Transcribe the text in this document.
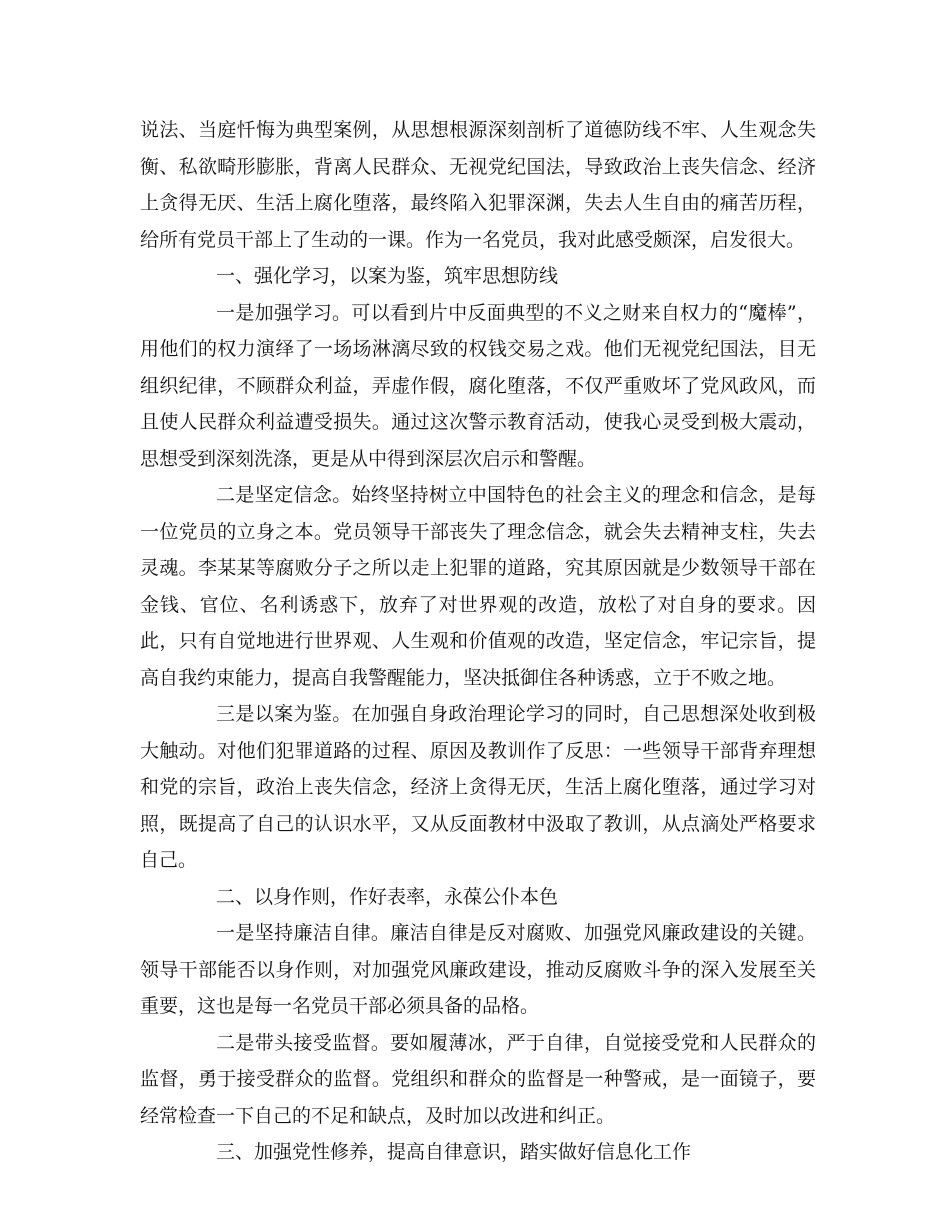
说法、当庭忏悔为典型案例，从思想根源深刻剖析了道德防线不牢、人生观念失衡、私欲畸形膨胀，背离人民群众、无视党纪国法，导致政治上丧失信念、经济上贪得无厌、生活上腐化堕落，最终陷入犯罪深渊，失去人生自由的痛苦历程，给所有党员干部上了生动的一课。作为一名党员，我对此感受颇深，启发很大。

一、强化学习，以案为鉴，筑牢思想防线

一是加强学习。可以看到片中反面典型的不义之财来自权力的“魔棒”，用他们的权力演绎了一场场淋漓尽致的权钱交易之戏。他们无视党纪国法，目无组织纪律，不顾群众利益，弄虚作假，腐化堕落，不仅严重败坏了党风政风，而且使人民群众利益遭受损失。通过这次警示教育活动，使我心灵受到极大震动，思想受到深刻洗涤，更是从中得到深层次启示和警醒。

二是坚定信念。始终坚持树立中国特色的社会主义的理念和信念，是每一位党员的立身之本。党员领导干部丧失了理念信念，就会失去精神支柱，失去灵魂。李某某等腐败分子之所以走上犯罪的道路，究其原因就是少数领导干部在金钱、官位、名利诱惑下，放弃了对世界观的改造，放松了对自身的要求。因此，只有自觉地进行世界观、人生观和价值观的改造，坚定信念，牢记宗旨，提高自我约束能力，提高自我警醒能力，坚决抵御住各种诱惑，立于不败之地。

三是以案为鉴。在加强自身政治理论学习的同时，自己思想深处收到极大触动。对他们犯罪道路的过程、原因及教训作了反思：一些领导干部背弃理想和党的宗旨，政治上丧失信念，经济上贪得无厌，生活上腐化堕落，通过学习对照，既提高了自己的认识水平，又从反面教材中汲取了教训，从点滴处严格要求自己。

二、以身作则，作好表率，永葆公仆本色

一是坚持廉洁自律。廉洁自律是反对腐败、加强党风廉政建设的关键。领导干部能否以身作则，对加强党风廉政建设，推动反腐败斗争的深入发展至关重要，这也是每一名党员干部必须具备的品格。

二是带头接受监督。要如履薄冰，严于自律，自觉接受党和人民群众的监督，勇于接受群众的监督。党组织和群众的监督是一种警戒，是一面镜子，要经常检查一下自己的不足和缺点，及时加以改进和纠正。

三、加强党性修养，提高自律意识，踏实做好信息化工作
